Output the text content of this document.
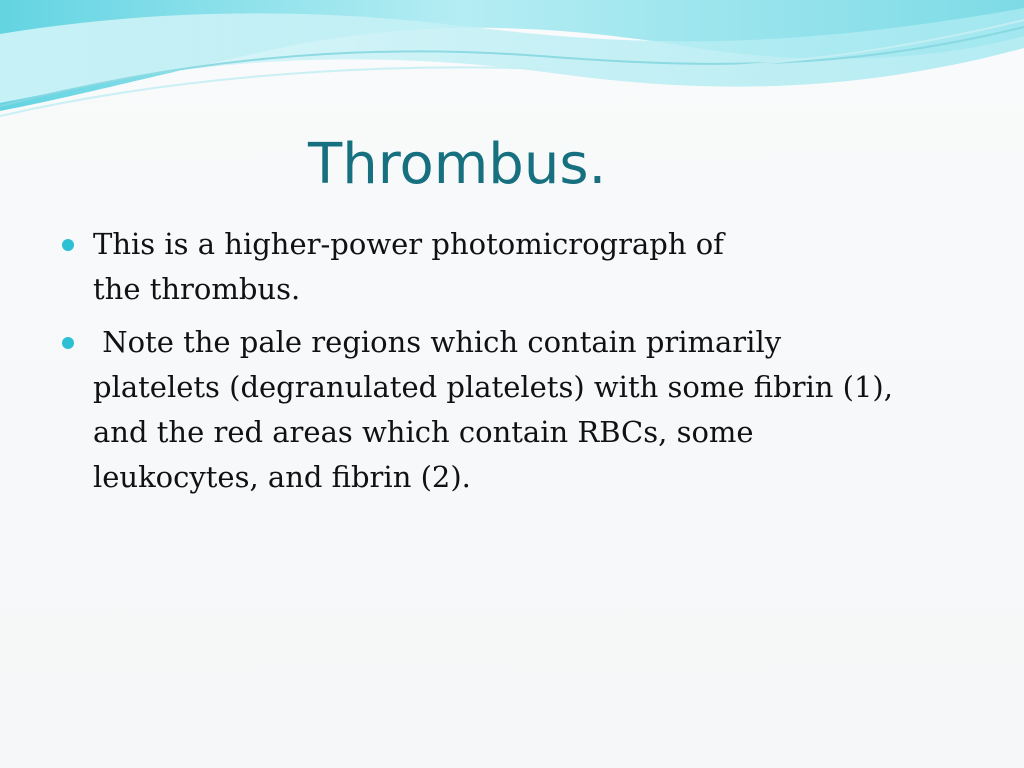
Thrombus.
This is a higher-power photomicrograph of
the thrombus.
Note the pale regions which contain primarily
platelets (degranulated platelets) with some fibrin (1),
and the red areas which contain RBCs, some
leukocytes, and fibrin (2).
